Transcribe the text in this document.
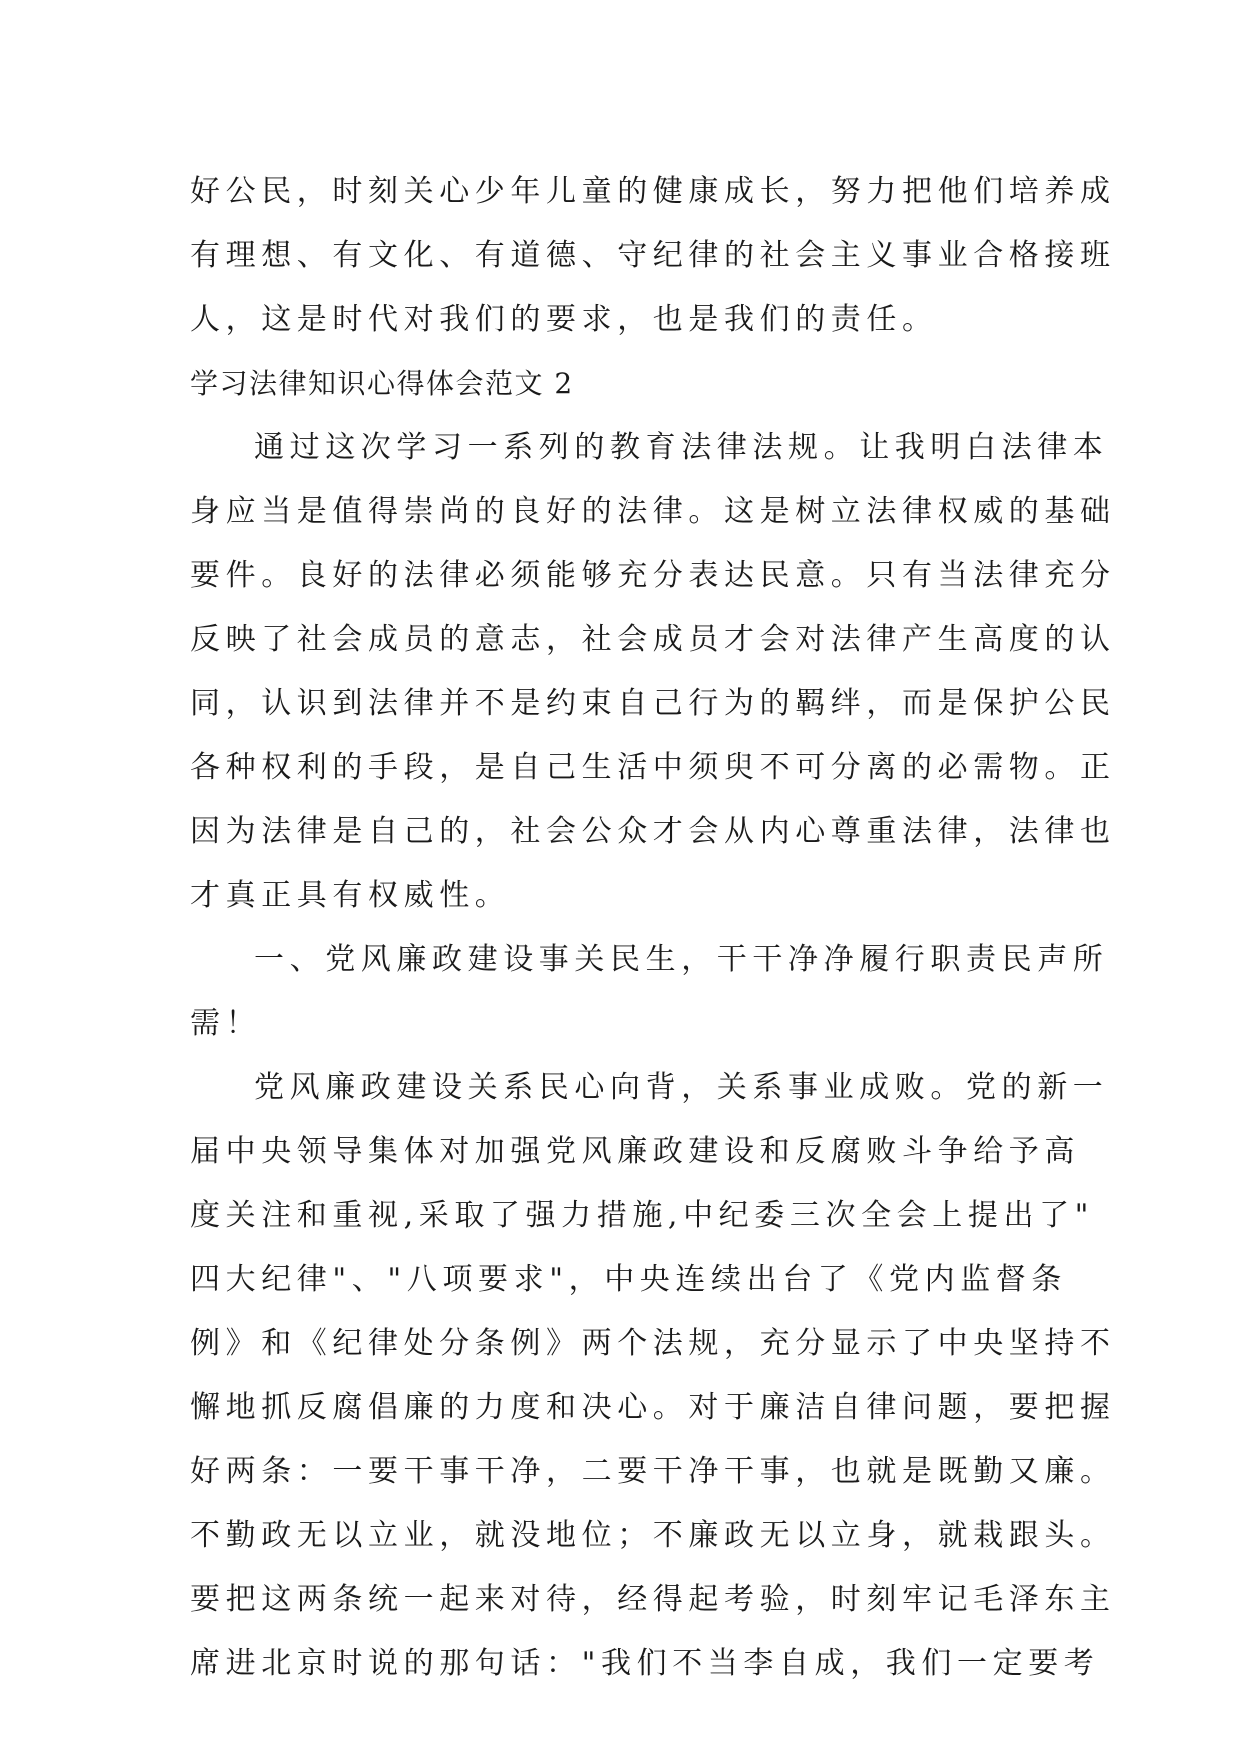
好公民，时刻关心少年儿童的健康成长，努力把他们培养成
有理想、有文化、有道德、守纪律的社会主义事业合格接班
人，这是时代对我们的要求，也是我们的责任。
学习法律知识心得体会范文 2
通过这次学习一系列的教育法律法规。让我明白法律本
身应当是值得崇尚的良好的法律。这是树立法律权威的基础
要件。良好的法律必须能够充分表达民意。只有当法律充分
反映了社会成员的意志，社会成员才会对法律产生高度的认
同，认识到法律并不是约束自己行为的羁绊，而是保护公民
各种权利的手段，是自己生活中须臾不可分离的必需物。正
因为法律是自己的，社会公众才会从内心尊重法律，法律也
才真正具有权威性。
一、党风廉政建设事关民生，干干净净履行职责民声所
需！
党风廉政建设关系民心向背，关系事业成败。党的新一
届中央领导集体对加强党风廉政建设和反腐败斗争给予高
度关注和重视,采取了强力措施,中纪委三次全会上提出了"
四大纪律"、"八项要求"，中央连续出台了《党内监督条
例》和《纪律处分条例》两个法规，充分显示了中央坚持不
懈地抓反腐倡廉的力度和决心。对于廉洁自律问题，要把握
好两条：一要干事干净，二要干净干事，也就是既勤又廉。
不勤政无以立业，就没地位；不廉政无以立身，就栽跟头。
要把这两条统一起来对待，经得起考验，时刻牢记毛泽东主
席进北京时说的那句话："我们不当李自成，我们一定要考
